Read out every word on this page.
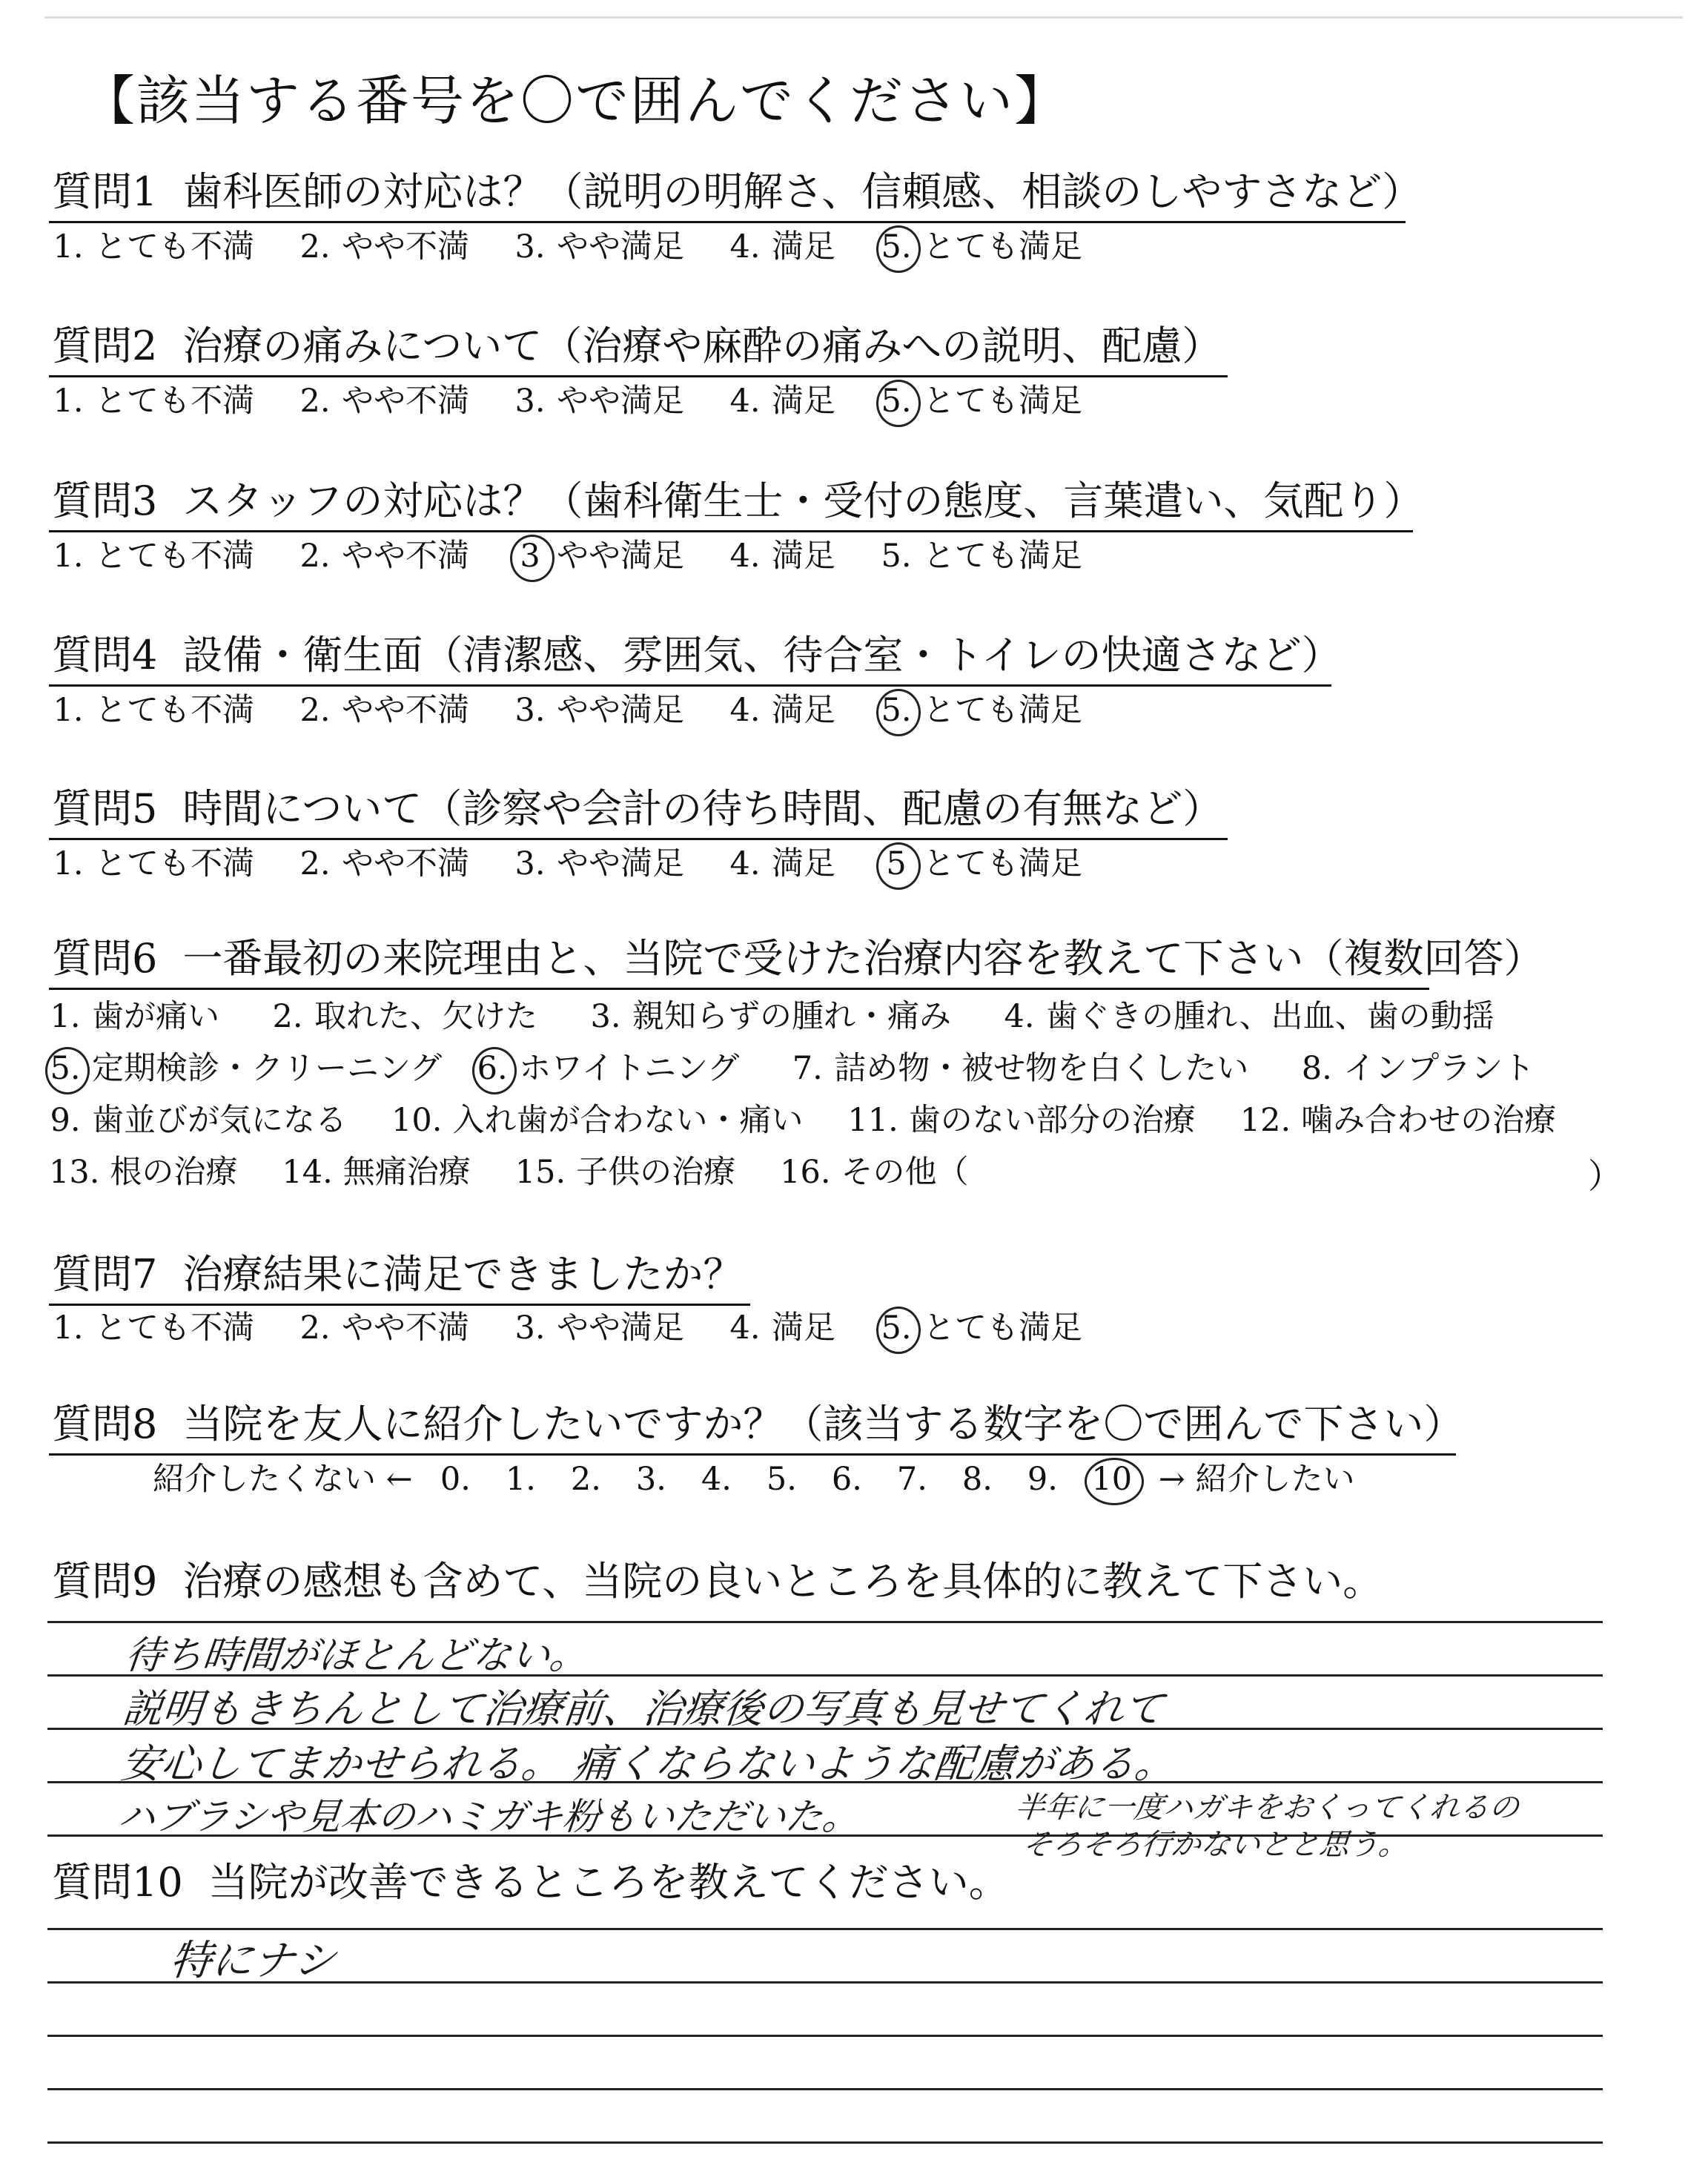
【該当する番号を〇で囲んでください】
質問1 歯科医師の対応は？（説明の明解さ、信頼感、相談のしやすさなど）
1. とても不満 2. やや不満 3. やや満足 4. 満足 5. とても満足
質問2 治療の痛みについて（治療や麻酔の痛みへの説明、配慮）
1. とても不満 2. やや不満 3. やや満足 4. 満足 5. とても満足
質問3 スタッフの対応は？（歯科衛生士・受付の態度、言葉遣い、気配り）
1. とても不満 2. やや不満 3 やや満足 4. 満足 5. とても満足
質問4 設備・衛生面（清潔感、雰囲気、待合室・トイレの快適さなど）
1. とても不満 2. やや不満 3. やや満足 4. 満足 5. とても満足
質問5 時間について（診察や会計の待ち時間、配慮の有無など）
1. とても不満 2. やや不満 3. やや満足 4. 満足 5 とても満足
質問6 一番最初の来院理由と、当院で受けた治療内容を教えて下さい（複数回答）
1. 歯が痛い 2. 取れた、欠けた 3. 親知らずの腫れ・痛み 4. 歯ぐきの腫れ、出血、歯の動揺
5. 定期検診・クリーニング 6. ホワイトニング 7. 詰め物・被せ物を白くしたい 8. インプラント
9. 歯並びが気になる 10. 入れ歯が合わない・痛い 11. 歯のない部分の治療 12. 噛み合わせの治療
13. 根の治療 14. 無痛治療 15. 子供の治療 16. その他（	）
質問7 治療結果に満足できましたか？
1. とても不満 2. やや不満 3. やや満足 4. 満足 5. とても満足
質問8 当院を友人に紹介したいですか？（該当する数字を〇で囲んで下さい）
紹介したくない ← 0. 1. 2. 3. 4. 5. 6. 7. 8. 9. 10 → 紹介したい
質問9 治療の感想も含めて、当院の良いところを具体的に教えて下さい。
待ち時間がほとんどない。
説明もきちんとして治療前、治療後の写真も見せてくれて
安心してまかせられる。 痛くならないような配慮がある。
ハブラシや見本のハミガキ粉もいただいた。	半年に一度ハガキをおくってくれるの
そろそろ行かないとと思う。
質問10 当院が改善できるところを教えてください。
特にナシ
